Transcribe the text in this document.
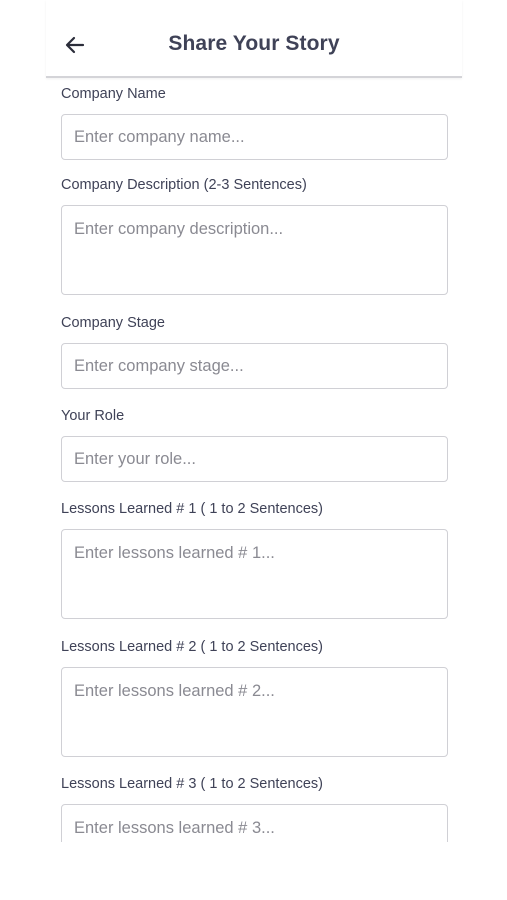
Share Your Story
Company Name
Enter company name...
Company Description (2-3 Sentences)
Enter company description...
Company Stage
Enter company stage...
Your Role
Enter your role...
Lessons Learned # 1 ( 1 to 2 Sentences)
Enter lessons learned # 1...
Lessons Learned # 2 ( 1 to 2 Sentences)
Enter lessons learned # 2...
Lessons Learned # 3 ( 1 to 2 Sentences)
Enter lessons learned # 3...
